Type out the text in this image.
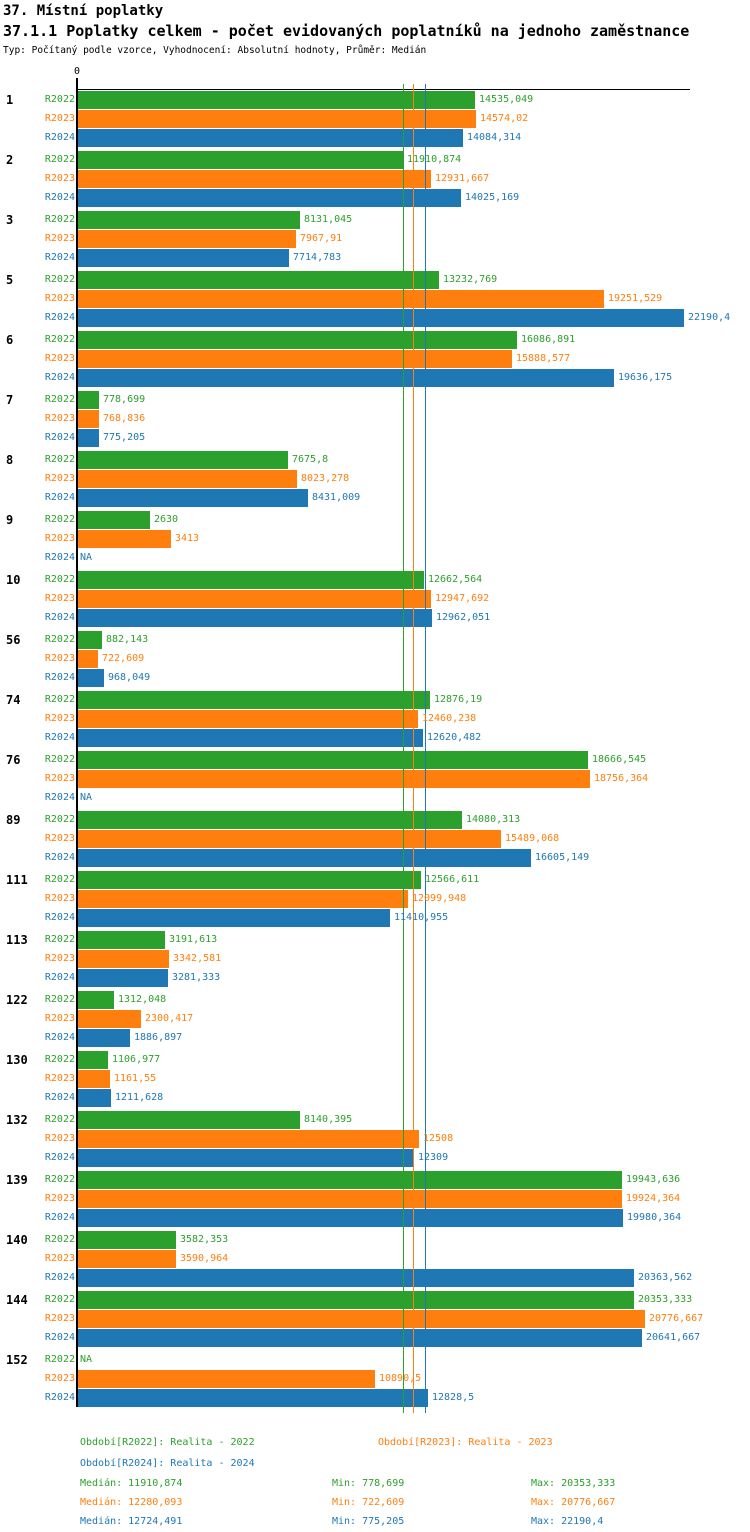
37. Místní poplatky
37.1.1 Poplatky celkem - počet evidovaných poplatníků na jednoho zaměstnance
Typ: Počítaný podle vzorce, Vyhodnocení: Absolutní hodnoty, Průměr: Medián
0
1	R2022	14535,049
R2023	14574,02
R2024	14084,314
2	R2022	11910,874
R2023	12931,667
R2024	14025,169
3	R2022	8131,045
R2023	7967,91
R2024	7714,783
5	R2022	13232,769
R2023	19251,529
R2024	22190,4
6	R2022	16086,891
R2023	15888,577
R2024	19636,175
7	R2022	778,699
R2023	768,836
R2024	775,205
8	R2022	7675,8
R2023	8023,278
R2024	8431,009
9	R2022	2630
R2023	3413
R2024 NA
10	R2022	12662,564
R2023	12947,692
R2024	12962,051
56	R2022	882,143
R2023	722,609
R2024	968,049
74	R2022	12876,19
R2023	12460,238
R2024	12620,482
76	R2022	18666,545
R2023	18756,364
R2024 NA
89	R2022	14080,313
R2023	15489,068
R2024	16605,149
111	R2022	12566,611
R2023	12099,948
R2024	11410,955
113	R2022	3191,613
R2023	3342,581
R2024	3281,333
122	R2022	1312,048
R2023	2300,417
R2024	1886,897
130	R2022	1106,977
R2023	1161,55
R2024	1211,628
132	R2022	8140,395
R2023	12508
R2024	12309
139	R2022	19943,636
R2023	19924,364
R2024	19980,364
140	R2022	3582,353
R2023	3590,964
R2024	20363,562
144	R2022	20353,333
R2023	20776,667
R2024	20641,667
152	R2022 NA
R2023	10890,5
R2024	12828,5
Období[R2022]: Realita - 2022	Období[R2023]: Realita - 2023
Období[R2024]: Realita - 2024
Medián: 11910,874	Min: 778,699	Max: 20353,333
Medián: 12280,093	Min: 722,609	Max: 20776,667
Medián: 12724,491	Min: 775,205	Max: 22190,4
